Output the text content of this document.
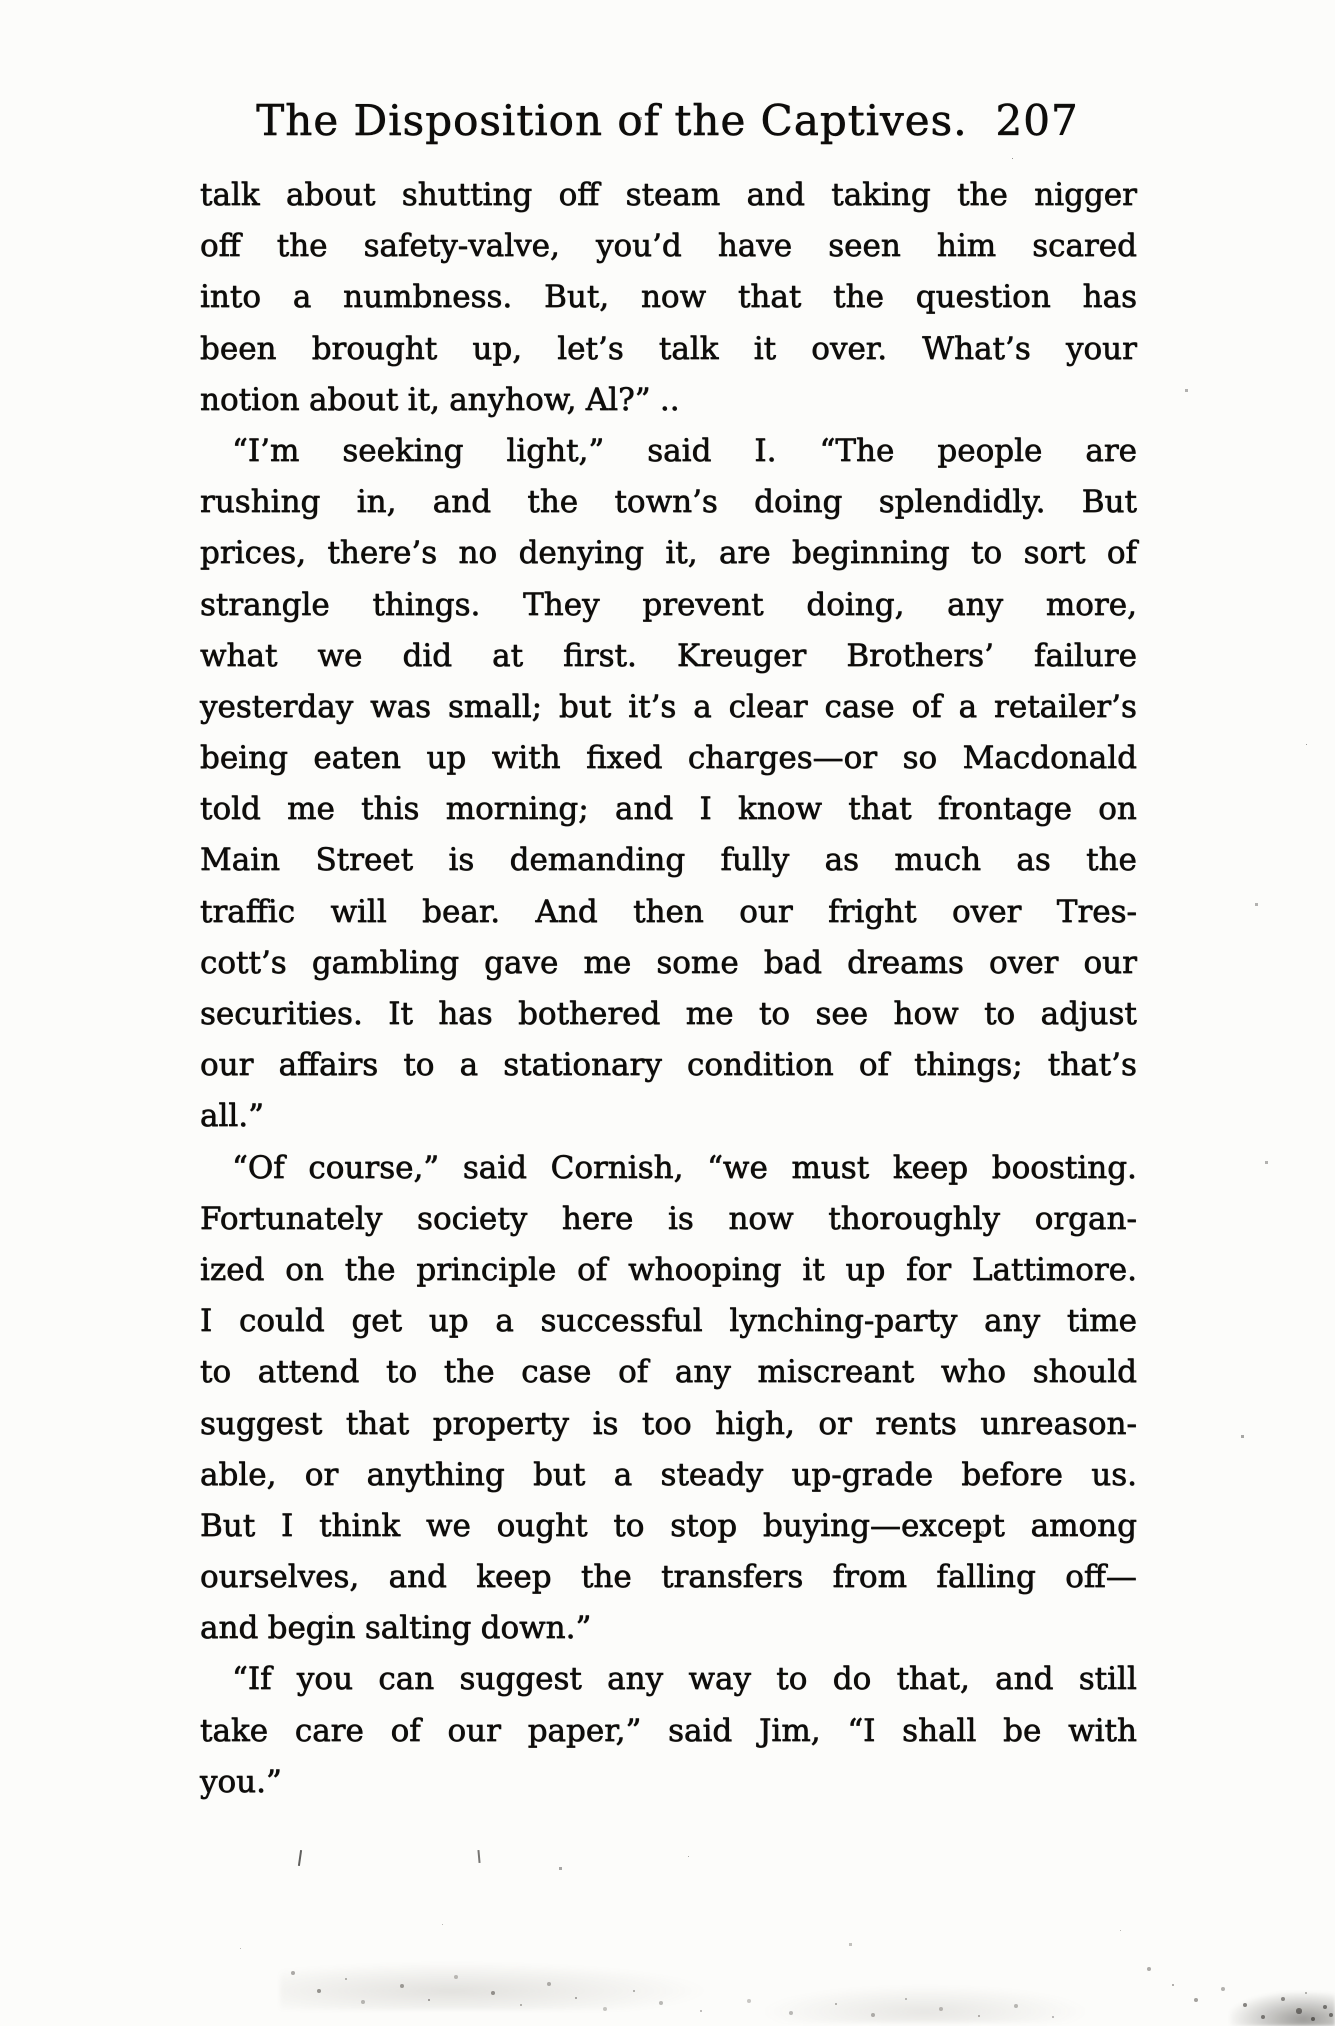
The Disposition of the Captives. 207
talk about shutting off steam and taking the nigger
off the safety-valve, you’d have seen him scared
into a numbness. But, now that the question has
been brought up, let’s talk it over. What’s your
notion about it, anyhow, Al?” ..
“I’m seeking light,” said I. “The people are
rushing in, and the town’s doing splendidly. But
prices, there’s no denying it, are beginning to sort of
strangle things. They prevent doing, any more,
what we did at first. Kreuger Brothers’ failure
yesterday was small; but it’s a clear case of a retailer’s
being eaten up with fixed charges—or so Macdonald
told me this morning; and I know that frontage on
Main Street is demanding fully as much as the
traffic will bear. And then our fright over Tres-
cott’s gambling gave me some bad dreams over our
securities. It has bothered me to see how to adjust
our affairs to a stationary condition of things; that’s
all.”
“Of course,” said Cornish, “we must keep boosting.
Fortunately society here is now thoroughly organ-
ized on the principle of whooping it up for Lattimore.
I could get up a successful lynching-party any time
to attend to the case of any miscreant who should
suggest that property is too high, or rents unreason-
able, or anything but a steady up-grade before us.
But I think we ought to stop buying—except among
ourselves, and keep the transfers from falling off—
and begin salting down.”
“If you can suggest any way to do that, and still
take care of our paper,” said Jim, “I shall be with
you.”
